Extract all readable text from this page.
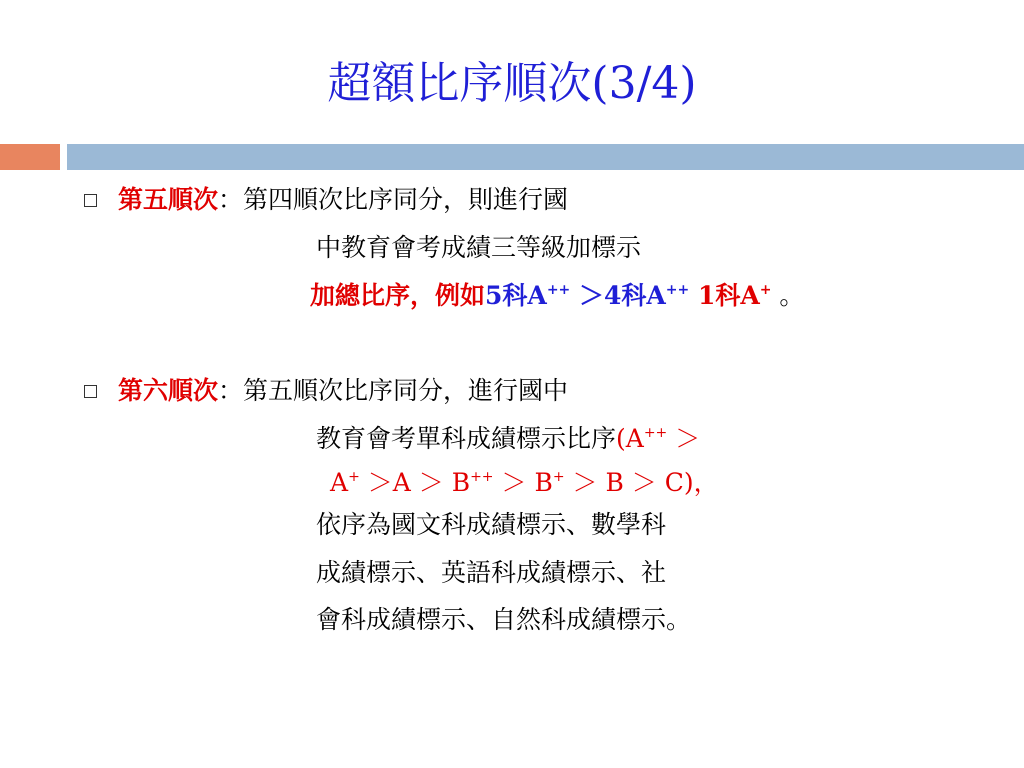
超額比序順次(3/4)
第五順次：第四順次比序同分，則進行國
中教育會考成績三等級加標示
加總比序，例如5科A++ ＞4科A++ 1科A+ 。
第六順次：第五順次比序同分，進行國中
教育會考單科成績標示比序(A++ ＞
A+ ＞A ＞ B++ ＞ B+ ＞ B ＞ C)，
依序為國文科成績標示、數學科
成績標示、英語科成績標示、社
會科成績標示、自然科成績標示。
